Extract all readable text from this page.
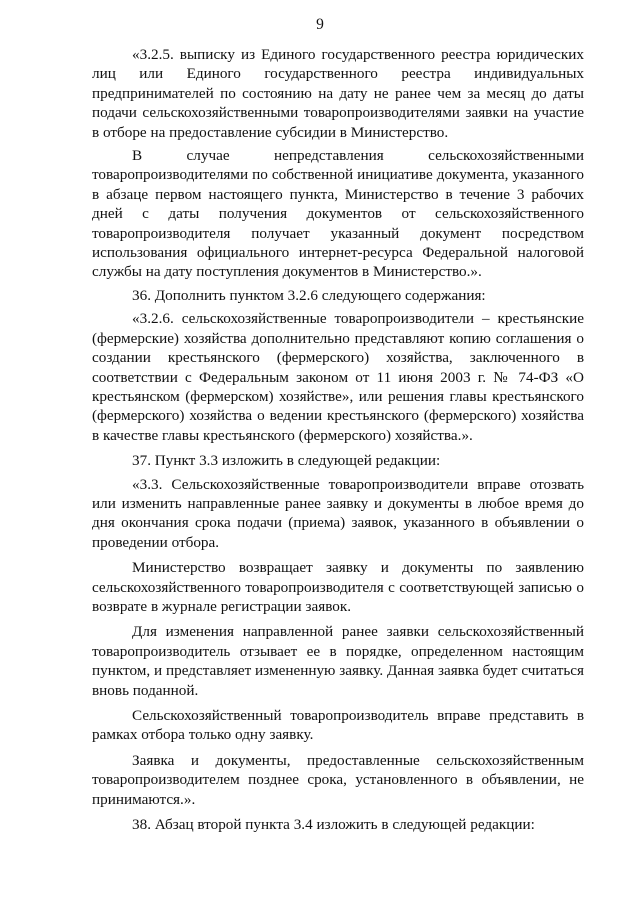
9

«3.2.5. выписку из Единого государственного реестра юридических лиц или Единого государственного реестра индивидуальных предпринимателей по состоянию на дату не ранее чем за месяц до даты подачи сельскохозяйственными товаропроизводителями заявки на участие в отборе на предоставление субсидии в Министерство.

В случае непредставления сельскохозяйственными товаропроизводителями по собственной инициативе документа, указанного в абзаце первом настоящего пункта, Министерство в течение 3 рабочих дней с даты получения документов от сельскохозяйственного товаропроизводителя получает указанный документ посредством использования официального интернет-ресурса Федеральной налоговой службы на дату поступления документов в Министерство.».

36. Дополнить пунктом 3.2.6 следующего содержания:

«3.2.6. сельскохозяйственные товаропроизводители – крестьянские (фермерские) хозяйства дополнительно представляют копию соглашения о создании крестьянского (фермерского) хозяйства, заключенного в соответствии с Федеральным законом от 11 июня 2003 г. № 74-ФЗ «О крестьянском (фермерском) хозяйстве», или решения главы крестьянского (фермерского) хозяйства о ведении крестьянского (фермерского) хозяйства в качестве главы крестьянского (фермерского) хозяйства.».

37. Пункт 3.3 изложить в следующей редакции:

«3.3. Сельскохозяйственные товаропроизводители вправе отозвать или изменить направленные ранее заявку и документы в любое время до дня окончания срока подачи (приема) заявок, указанного в объявлении о проведении отбора.

Министерство возвращает заявку и документы по заявлению сельскохозяйственного товаропроизводителя с соответствующей записью о возврате в журнале регистрации заявок.

Для изменения направленной ранее заявки сельскохозяйственный товаропроизводитель отзывает ее в порядке, определенном настоящим пунктом, и представляет измененную заявку. Данная заявка будет считаться вновь поданной.

Сельскохозяйственный товаропроизводитель вправе представить в рамках отбора только одну заявку.

Заявка и документы, предоставленные сельскохозяйственным товаропроизводителем позднее срока, установленного в объявлении, не принимаются.».

38. Абзац второй пункта 3.4 изложить в следующей редакции:
